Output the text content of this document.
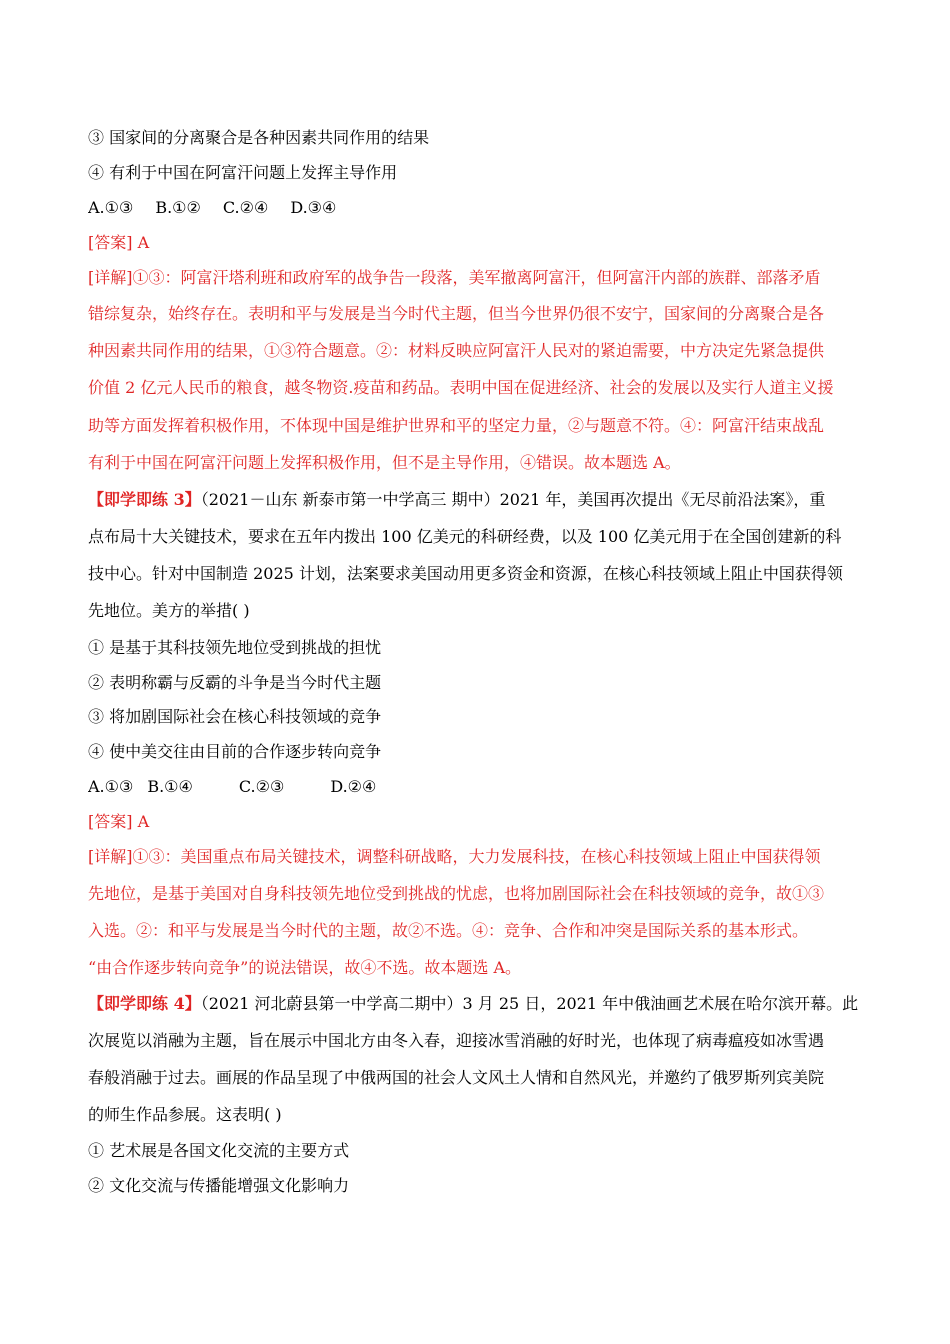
③ 国家间的分离聚合是各种因素共同作用的结果
④ 有利于中国在阿富汗问题上发挥主导作用
A.①③ B.①② C.②④ D.③④
[答案] A
[详解]①③：阿富汗塔利班和政府军的战争告一段落，美军撤离阿富汗，但阿富汗内部的族群、部落矛盾
错综复杂，始终存在。表明和平与发展是当今时代主题，但当今世界仍很不安宁，国家间的分离聚合是各
种因素共同作用的结果，①③符合题意。②：材料反映应阿富汗人民对的紧迫需要，中方决定先紧急提供
价值 2 亿元人民币的粮食，越冬物资.疫苗和药品。表明中国在促进经济、社会的发展以及实行人道主义援
助等方面发挥着积极作用，不体现中国是维护世界和平的坚定力量，②与题意不符。④：阿富汗结束战乱
有利于中国在阿富汗问题上发挥积极作用，但不是主导作用，④错误。故本题选 A。
【即学即练 3】（2021－山东 新泰市第一中学高三 期中）2021 年，美国再次提出《无尽前沿法案》，重
点布局十大关键技术，要求在五年内拨出 100 亿美元的科研经费，以及 100 亿美元用于在全国创建新的科
技中心。针对中国制造 2025 计划，法案要求美国动用更多资金和资源，在核心科技领域上阻止中国获得领
先地位。美方的举措( )
① 是基于其科技领先地位受到挑战的担忧
② 表明称霸与反霸的斗争是当今时代主题
③ 将加剧国际社会在核心科技领域的竞争
④ 使中美交往由目前的合作逐步转向竞争
A.①③ B.①④	C.②③	D.②④
[答案] A
[详解]①③：美国重点布局关键技术，调整科研战略，大力发展科技，在核心科技领域上阻止中国获得领
先地位，是基于美国对自身科技领先地位受到挑战的忧虑，也将加剧国际社会在科技领域的竞争，故①③
入选。②：和平与发展是当今时代的主题，故②不选。④：竞争、合作和冲突是国际关系的基本形式。
“由合作逐步转向竞争”的说法错误，故④不选。故本题选 A。
【即学即练 4】（2021 河北蔚县第一中学高二期中）3 月 25 日，2021 年中俄油画艺术展在哈尔滨开幕。此
次展览以消融为主题，旨在展示中国北方由冬入春，迎接冰雪消融的好时光，也体现了病毒瘟疫如冰雪遇
春般消融于过去。画展的作品呈现了中俄两国的社会人文风土人情和自然风光，并邀约了俄罗斯列宾美院
的师生作品参展。这表明( )
① 艺术展是各国文化交流的主要方式
② 文化交流与传播能增强文化影响力
